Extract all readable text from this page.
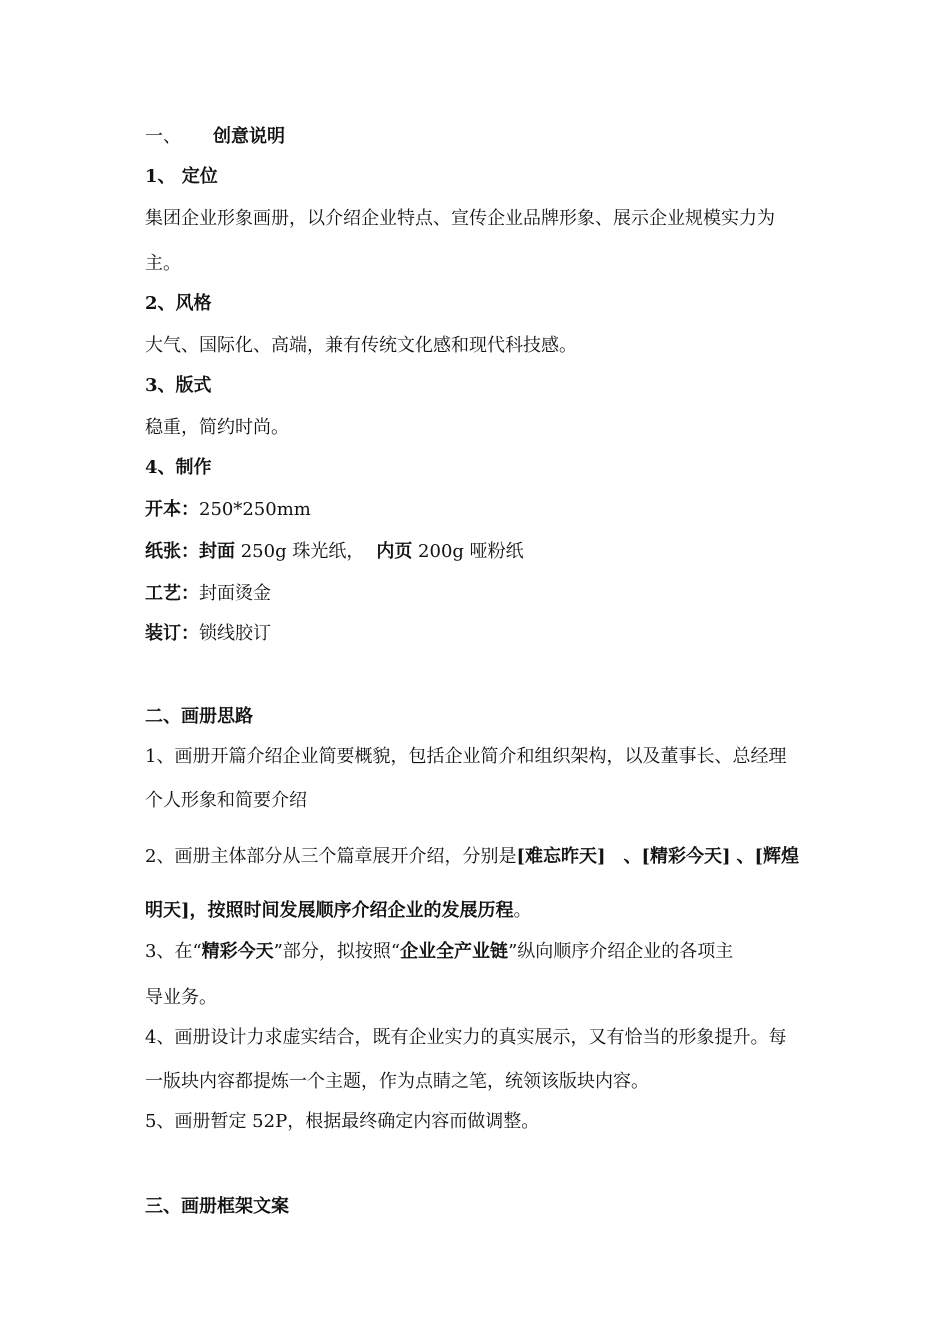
一、 创意说明
1、 定位
集团企业形象画册，以介绍企业特点、宣传企业品牌形象、展示企业规模实力为
主。
2、风格
大气、国际化、高端，兼有传统文化感和现代科技感。
3、版式
稳重，简约时尚。
4、制作
开本：250*250mm
纸张：封面 250g 珠光纸， 内页 200g 哑粉纸
工艺：封面烫金
装订：锁线胶订
二、画册思路
1、画册开篇介绍企业简要概貌，包括企业简介和组织架构，以及董事长、总经理
个人形象和简要介绍
2、画册主体部分从三个篇章展开介绍，分别是[难忘昨天]　、[精彩今天] 、[辉煌
明天]，按照时间发展顺序介绍企业的发展历程。
3、在“精彩今天”部分，拟按照“企业全产业链”纵向顺序介绍企业的各项主
导业务。
4、画册设计力求虚实结合，既有企业实力的真实展示，又有恰当的形象提升。每
一版块内容都提炼一个主题，作为点睛之笔，统领该版块内容。
5、画册暂定 52P，根据最终确定内容而做调整。
三、画册框架文案
